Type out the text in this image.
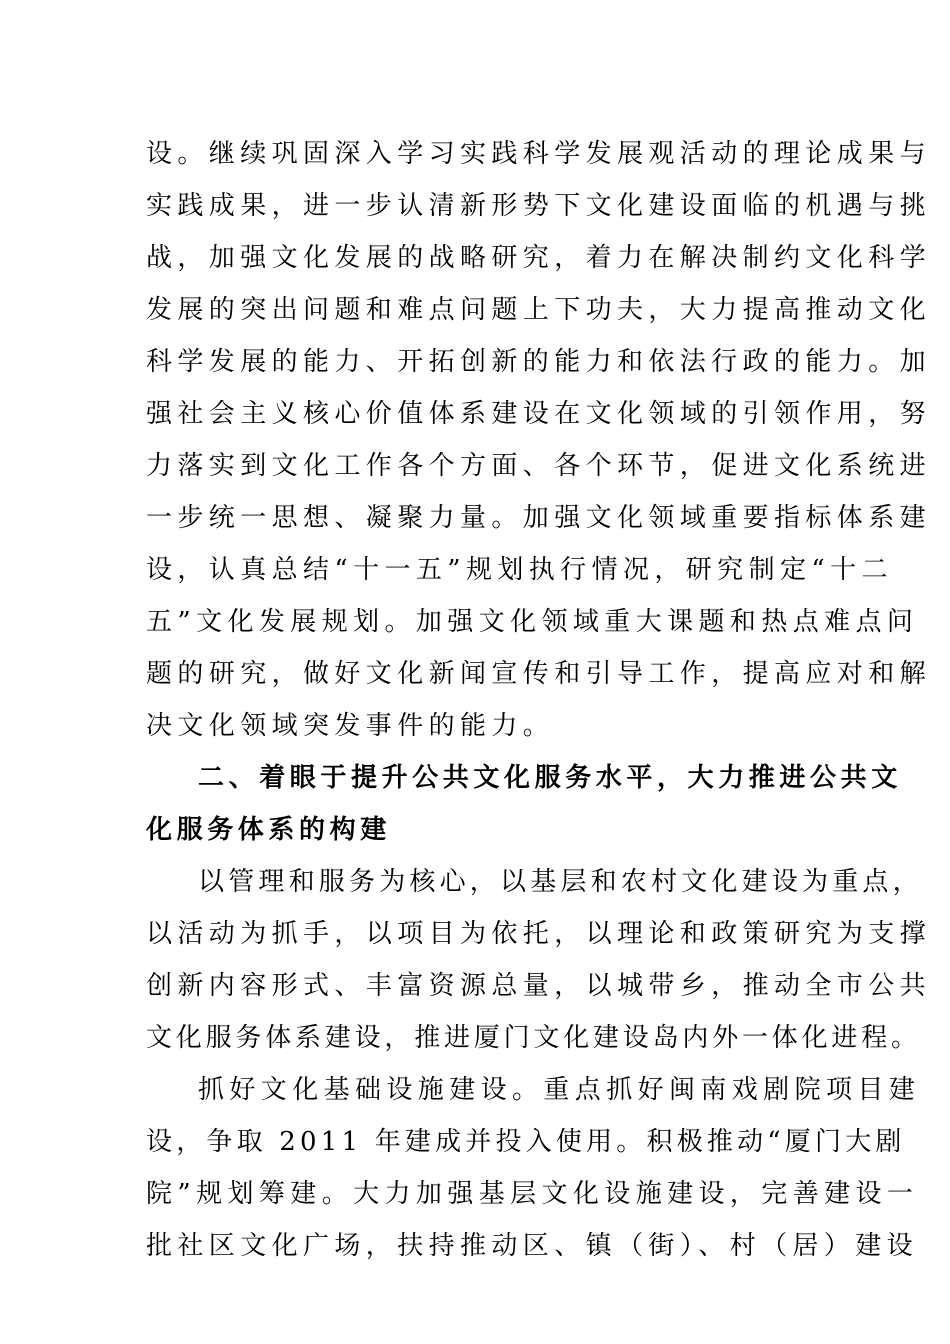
设。继续巩固深入学习实践科学发展观活动的理论成果与
实践成果，进一步认清新形势下文化建设面临的机遇与挑
战，加强文化发展的战略研究，着力在解决制约文化科学
发展的突出问题和难点问题上下功夫，大力提高推动文化
科学发展的能力、开拓创新的能力和依法行政的能力。加
强社会主义核心价值体系建设在文化领域的引领作用，努
力落实到文化工作各个方面、各个环节，促进文化系统进
一步统一思想、凝聚力量。加强文化领域重要指标体系建
设，认真总结“十一五”规划执行情况，研究制定“十二
五”文化发展规划。加强文化领域重大课题和热点难点问
题的研究，做好文化新闻宣传和引导工作，提高应对和解
决文化领域突发事件的能力。
二、着眼于提升公共文化服务水平，大力推进公共文
化服务体系的构建
以管理和服务为核心，以基层和农村文化建设为重点，
以活动为抓手，以项目为依托，以理论和政策研究为支撑
创新内容形式、丰富资源总量，以城带乡，推动全市公共
文化服务体系建设，推进厦门文化建设岛内外一体化进程。
抓好文化基础设施建设。重点抓好闽南戏剧院项目建
设，争取 2011 年建成并投入使用。积极推动“厦门大剧
院”规划筹建。大力加强基层文化设施建设，完善建设一
批社区文化广场，扶持推动区、镇（街）、村（居）建设
